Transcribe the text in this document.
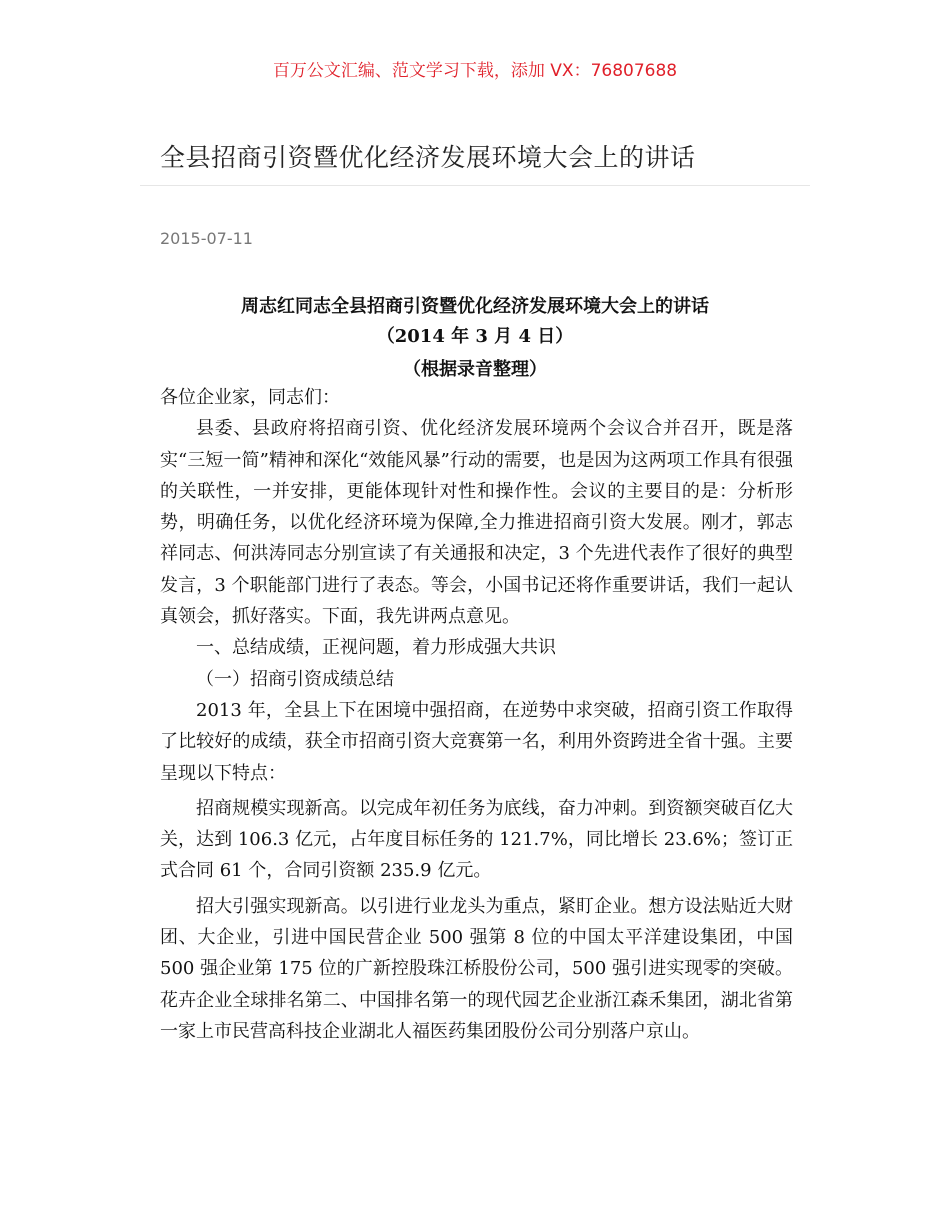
百万公文汇编、范文学习下载，添加 VX：76807688
全县招商引资暨优化经济发展环境大会上的讲话
2015-07-11
周志红同志全县招商引资暨优化经济发展环境大会上的讲话
（2014 年 3 月 4 日）
（根据录音整理）

各位企业家，同志们：

县委、县政府将招商引资、优化经济发展环境两个会议合并召开，既是落实“三短一简”精神和深化“效能风暴”行动的需要，也是因为这两项工作具有很强的关联性，一并安排，更能体现针对性和操作性。会议的主要目的是：分析形势，明确任务，以优化经济环境为保障,全力推进招商引资大发展。刚才，郭志祥同志、何洪涛同志分别宣读了有关通报和决定，3 个先进代表作了很好的典型发言，3 个职能部门进行了表态。等会，小国书记还将作重要讲话，我们一起认真领会，抓好落实。下面，我先讲两点意见。

一、总结成绩，正视问题，着力形成强大共识

（一）招商引资成绩总结

2013 年，全县上下在困境中强招商，在逆势中求突破，招商引资工作取得了比较好的成绩，获全市招商引资大竞赛第一名，利用外资跨进全省十强。主要呈现以下特点：

招商规模实现新高。以完成年初任务为底线，奋力冲刺。到资额突破百亿大关，达到 106.3 亿元，占年度目标任务的 121.7%，同比增长 23.6%；签订正式合同 61 个，合同引资额 235.9 亿元。

招大引强实现新高。以引进行业龙头为重点，紧盯企业。想方设法贴近大财团、大企业，引进中国民营企业 500 强第 8 位的中国太平洋建设集团，中国 500 强企业第 175 位的广新控股珠江桥股份公司，500 强引进实现零的突破。花卉企业全球排名第二、中国排名第一的现代园艺企业浙江森禾集团，湖北省第一家上市民营高科技企业湖北人福医药集团股份公司分别落户京山。
